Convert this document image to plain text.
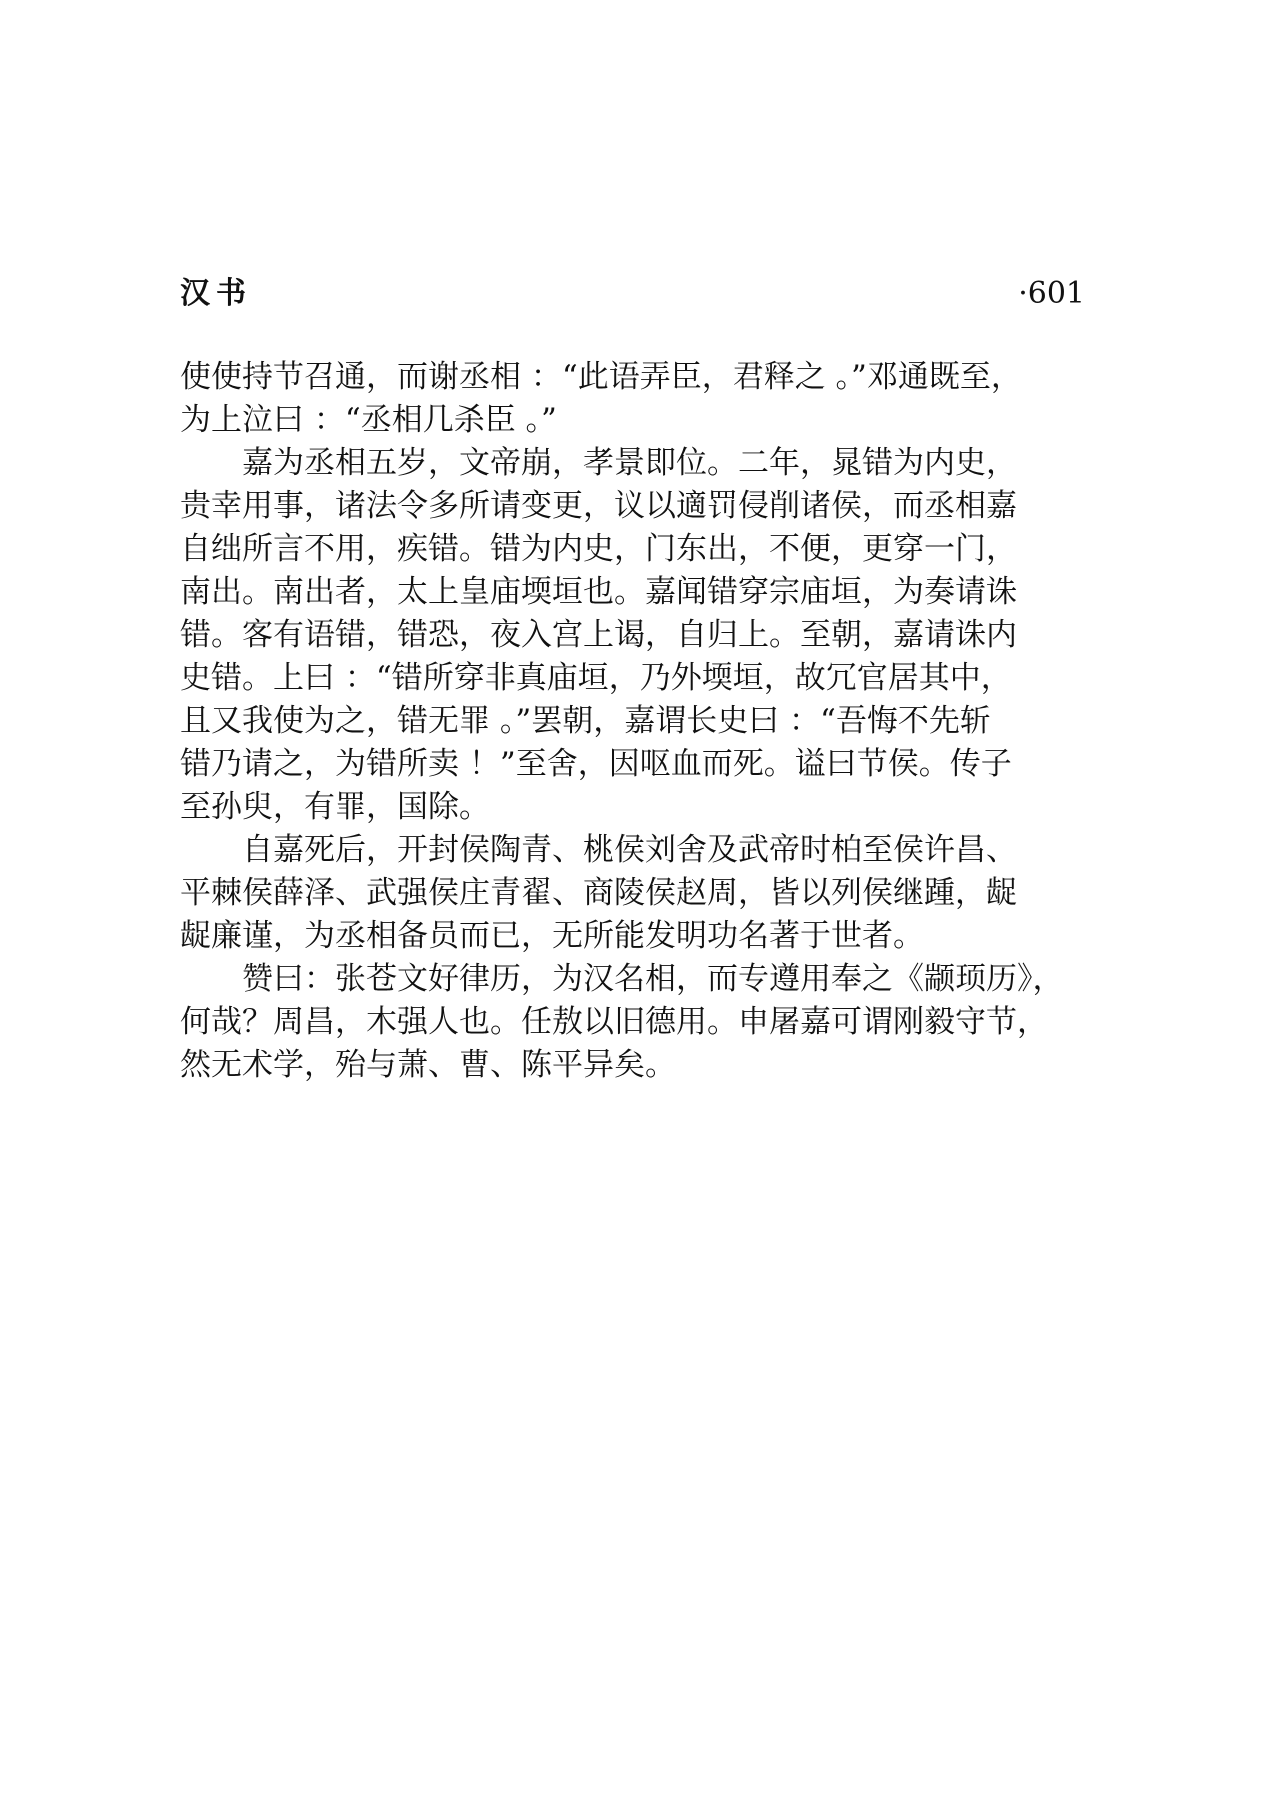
汉书	·601
使使持节召通，而谢丞相 ：“此语弄臣，君释之 。”邓通既至，
为上泣曰 ：“丞相几杀臣 。”
　　嘉为丞相五岁，文帝崩，孝景即位。二年，晁错为内史，
贵幸用事，诸法令多所请变更，议以適罚侵削诸侯，而丞相嘉
自绌所言不用，疾错。错为内史，门东出，不便，更穿一门，
南出。南出者，太上皇庙堧垣也。嘉闻错穿宗庙垣，为奏请诛
错。客有语错，错恐，夜入宫上谒，自归上。至朝，嘉请诛内
史错。上曰 ：“错所穿非真庙垣，乃外堧垣，故冗官居其中，
且又我使为之，错无罪 。”罢朝，嘉谓长史曰 ：“吾悔不先斩
错乃请之，为错所卖 ！”至舍，因呕血而死。谥曰节侯。传子
至孙臾，有罪，国除。
　　自嘉死后，开封侯陶青、桃侯刘舍及武帝时柏至侯许昌、
平棘侯薛泽、武强侯庄青翟、商陵侯赵周，皆以列侯继踵，龊
龊廉谨，为丞相备员而已，无所能发明功名著于世者。
　　赞曰：张苍文好律历，为汉名相，而专遵用奉之《颛顼历》，
何哉？周昌，木强人也。任敖以旧德用。申屠嘉可谓刚毅守节，
然无术学，殆与萧、曹、陈平异矣。
